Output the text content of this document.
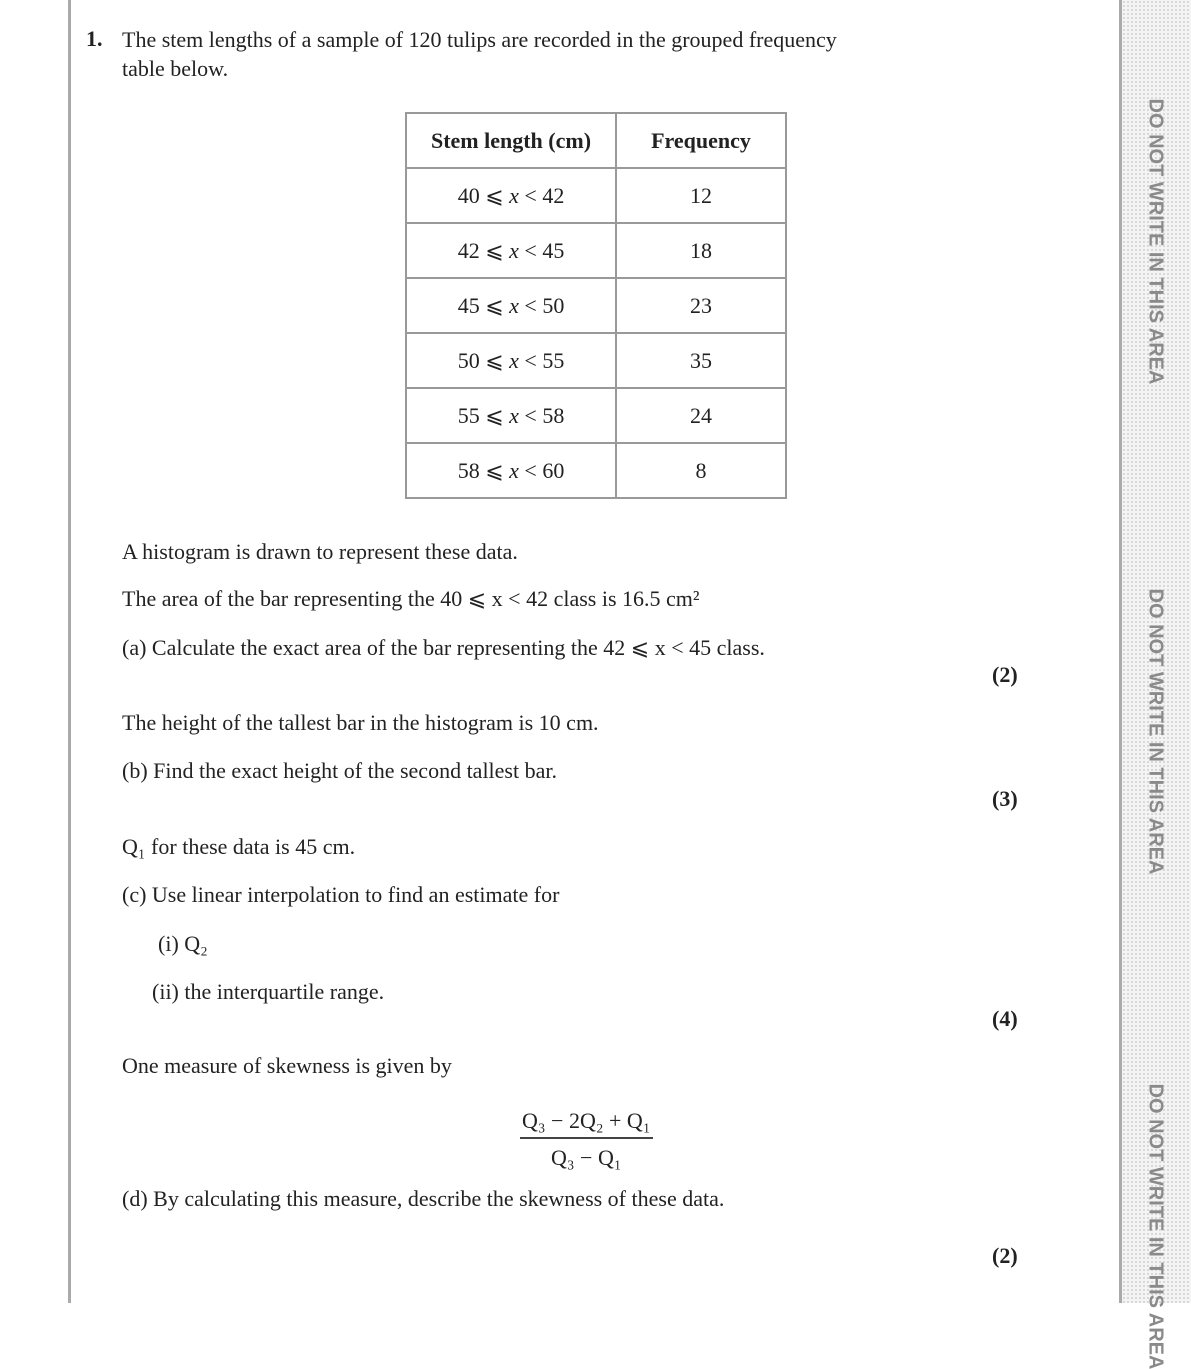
DO NOT WRITE IN THIS AREA
DO NOT WRITE IN THIS AREA
DO NOT WRITE IN THIS AREA
1. The stem lengths of a sample of 120 tulips are recorded in the grouped frequency
table below.
Stem length (cm)	Frequency
40 ⩽ x < 42	12
42 ⩽ x < 45	18
45 ⩽ x < 50	23
50 ⩽ x < 55	35
55 ⩽ x < 58	24
58 ⩽ x < 60	8
A histogram is drawn to represent these data.
The area of the bar representing the 40 ⩽ x < 42 class is 16.5 cm²
(a) Calculate the exact area of the bar representing the 42 ⩽ x < 45 class.
(2)
The height of the tallest bar in the histogram is 10 cm.
(b) Find the exact height of the second tallest bar.
(3)
Q₁ for these data is 45 cm.
(c) Use linear interpolation to find an estimate for
(i) Q₂
(ii) the interquartile range.
(4)
One measure of skewness is given by
$\frac{\text{Q₃ − 2Q₂ + Q₁}}{\text{Q₃ − Q₁}}$
(d) By calculating this measure, describe the skewness of these data.
(2)
